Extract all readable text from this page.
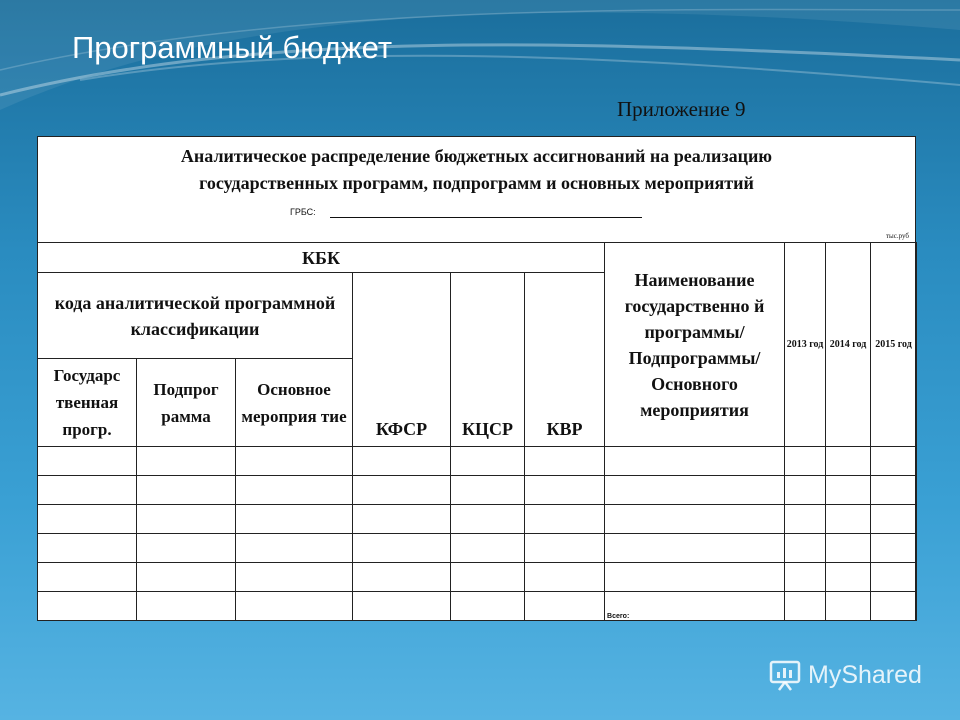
Программный бюджет
Приложение 9
Аналитическое распределение бюджетных ассигнований на реализацию
государственных программ, подпрограмм и основных мероприятий
ГРБС:
тыс.руб
КБК						Наименование государственно й программы/ Подпрограммы/ Основного мероприятия	2013 год	2014 год	2015 год
кода аналитической программной классификации			КФСР	КЦСР	КВР				
Государс твенная прогр.	Подпрог рамма	Основное мероприя тие							

						Всего:			

MyShared
